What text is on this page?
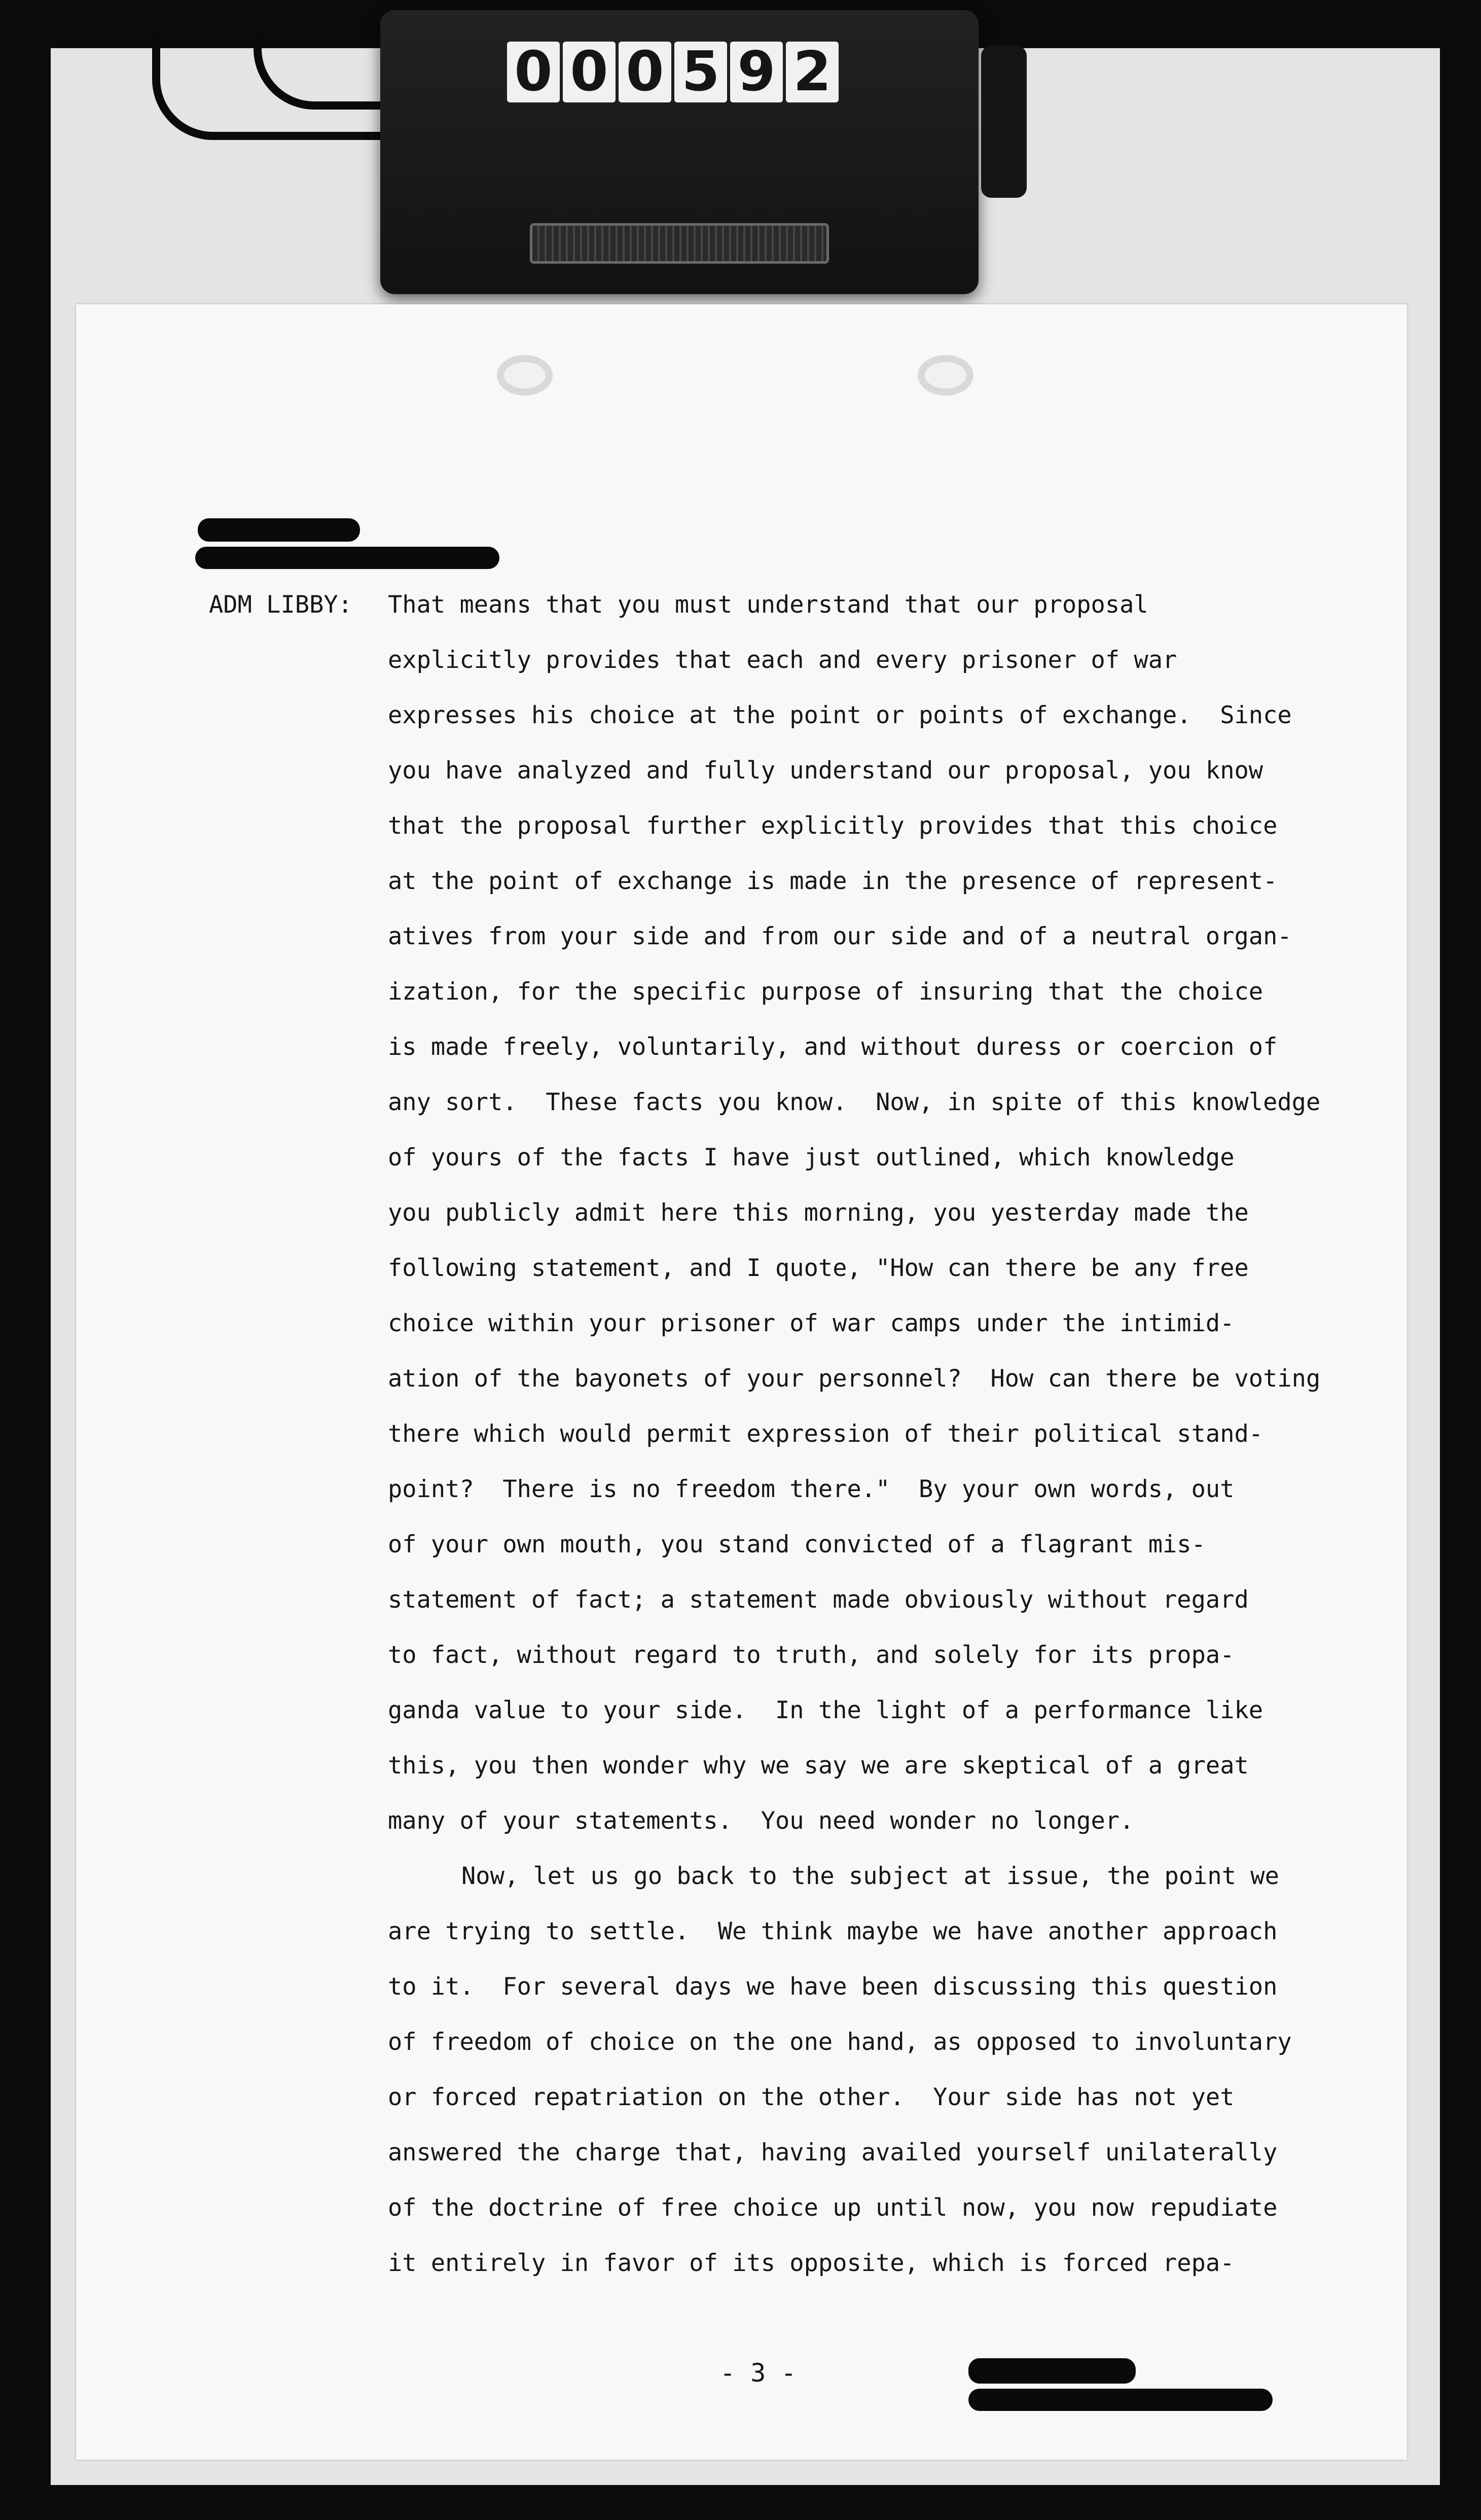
0 0 0 5 9 2
ADM LIBBY: That means that you must understand that our proposal
explicitly provides that each and every prisoner of war
expresses his choice at the point or points of exchange.  Since
you have analyzed and fully understand our proposal, you know
that the proposal further explicitly provides that this choice
at the point of exchange is made in the presence of represent-
atives from your side and from our side and of a neutral organ-
ization, for the specific purpose of insuring that the choice
is made freely, voluntarily, and without duress or coercion of
any sort.  These facts you know.  Now, in spite of this knowledge
of yours of the facts I have just outlined, which knowledge
you publicly admit here this morning, you yesterday made the
following statement, and I quote, "How can there be any free
choice within your prisoner of war camps under the intimid-
ation of the bayonets of your personnel?  How can there be voting
there which would permit expression of their political stand-
point?  There is no freedom there."  By your own words, out
of your own mouth, you stand convicted of a flagrant mis-
statement of fact; a statement made obviously without regard
to fact, without regard to truth, and solely for its propa-
ganda value to your side.  In the light of a performance like
this, you then wonder why we say we are skeptical of a great
many of your statements.  You need wonder no longer.
Now, let us go back to the subject at issue, the point we
are trying to settle.  We think maybe we have another approach
to it.  For several days we have been discussing this question
of freedom of choice on the one hand, as opposed to involuntary
or forced repatriation on the other.  Your side has not yet
answered the charge that, having availed yourself unilaterally
of the doctrine of free choice up until now, you now repudiate
it entirely in favor of its opposite, which is forced repa-
- 3 -
